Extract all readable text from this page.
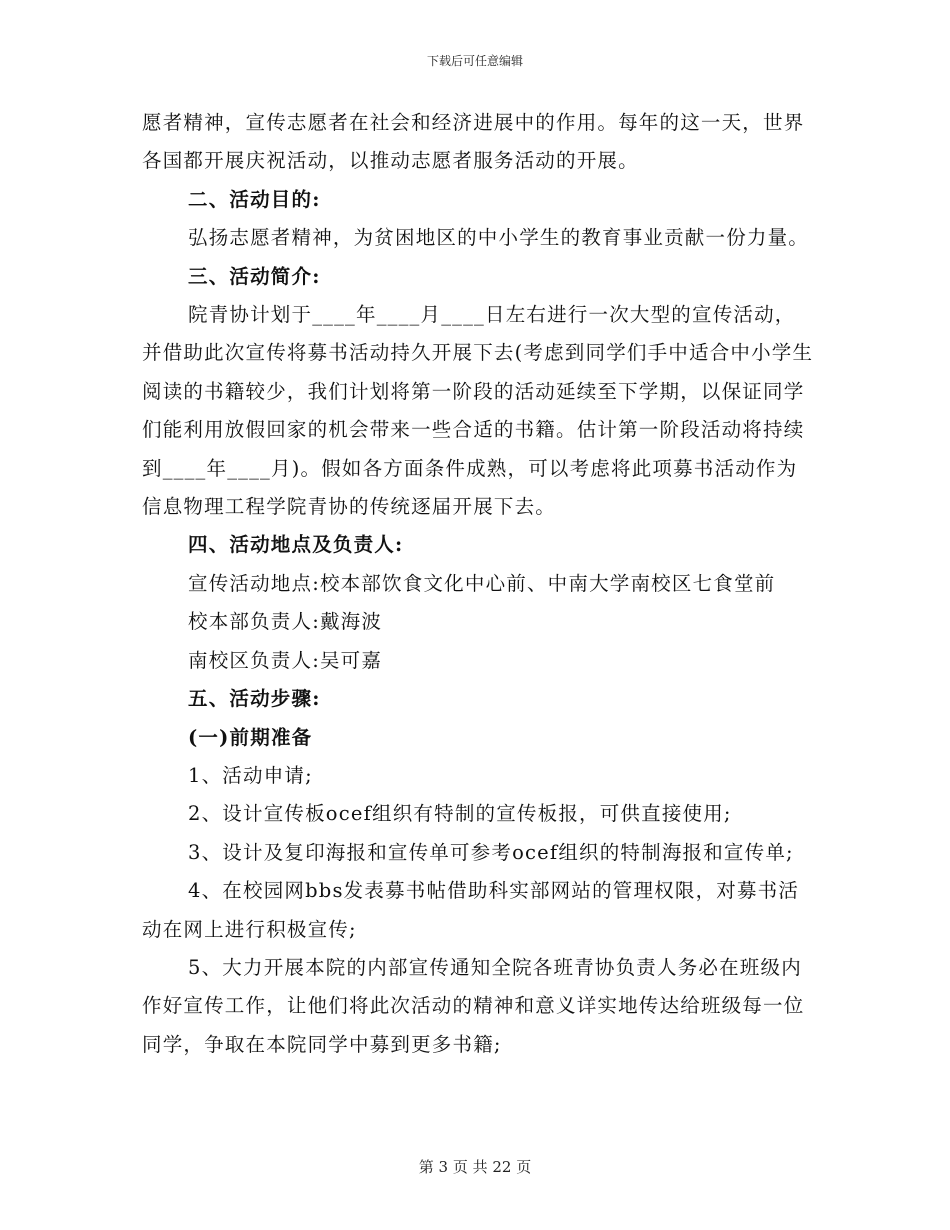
下载后可任意编辑

愿者精神，宣传志愿者在社会和经济进展中的作用。每年的这一天，世界各国都开展庆祝活动，以推动志愿者服务活动的开展。

二、活动目的:

弘扬志愿者精神，为贫困地区的中小学生的教育事业贡献一份力量。

三、活动简介:

院青协计划于____年____月____日左右进行一次大型的宣传活动，并借助此次宣传将募书活动持久开展下去(考虑到同学们手中适合中小学生阅读的书籍较少，我们计划将第一阶段的活动延续至下学期，以保证同学们能利用放假回家的机会带来一些合适的书籍。估计第一阶段活动将持续到____年____月)。假如各方面条件成熟，可以考虑将此项募书活动作为信息物理工程学院青协的传统逐届开展下去。

四、活动地点及负责人:

宣传活动地点:校本部饮食文化中心前、中南大学南校区七食堂前

校本部负责人:戴海波

南校区负责人:吴可嘉

五、活动步骤:

(一)前期准备

1、活动申请;

2、设计宣传板ocef组织有特制的宣传板报，可供直接使用;

3、设计及复印海报和宣传单可参考ocef组织的特制海报和宣传单;

4、在校园网bbs发表募书帖借助科实部网站的管理权限，对募书活动在网上进行积极宣传;

5、大力开展本院的内部宣传通知全院各班青协负责人务必在班级内作好宣传工作，让他们将此次活动的精神和意义详实地传达给班级每一位同学，争取在本院同学中募到更多书籍;

第 3 页 共 22 页
